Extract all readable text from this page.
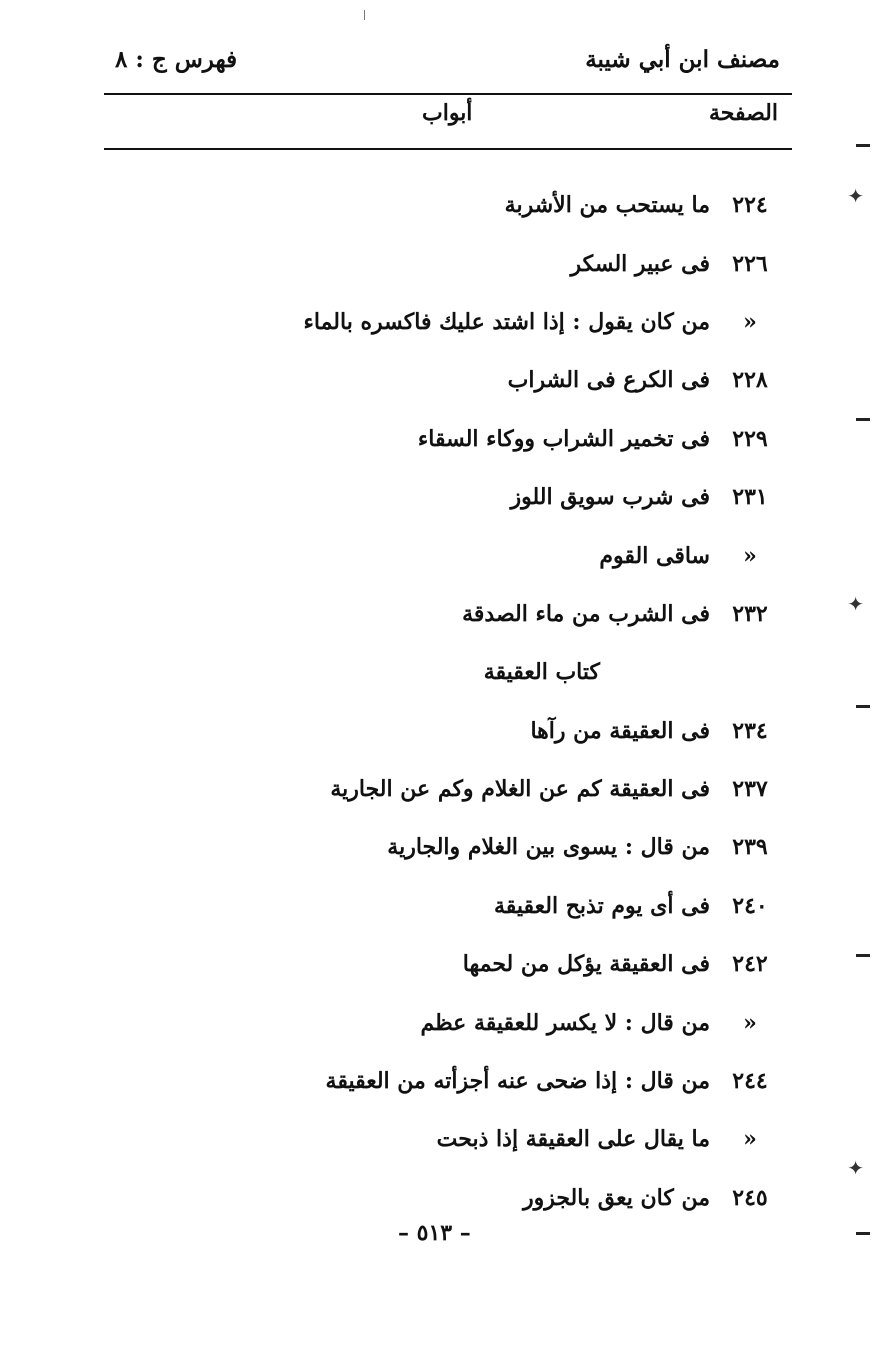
مصنف ابن أبي شيبة
فهرس ج : ٨
الصفحة
أبواب
٢٢٤
ما يستحب من الأشربة
٢٢٦
فى عبير السكر
«
من كان يقول : إذا اشتد عليك فاكسره بالماء
٢٢٨
فى الكرع فى الشراب
٢٢٩
فى تخمير الشراب ووكاء السقاء
٢٣١
فى شرب سويق اللوز
«
ساقى القوم
٢٣٢
فى الشرب من ماء الصدقة
كتاب العقيقة
٢٣٤
فى العقيقة من رآها
٢٣٧
فى العقيقة كم عن الغلام وكم عن الجارية
٢٣٩
من قال : يسوى بين الغلام والجارية
٢٤٠
فى أى يوم تذبح العقيقة
٢٤٢
فى العقيقة يؤكل من لحمها
«
من قال : لا يكسر للعقيقة عظم
٢٤٤
من قال : إذا ضحى عنه أجزأته من العقيقة
«
ما يقال على العقيقة إذا ذبحت
٢٤٥
من كان يعق بالجزور
– ٥١٣ –
✦
✦
✦
